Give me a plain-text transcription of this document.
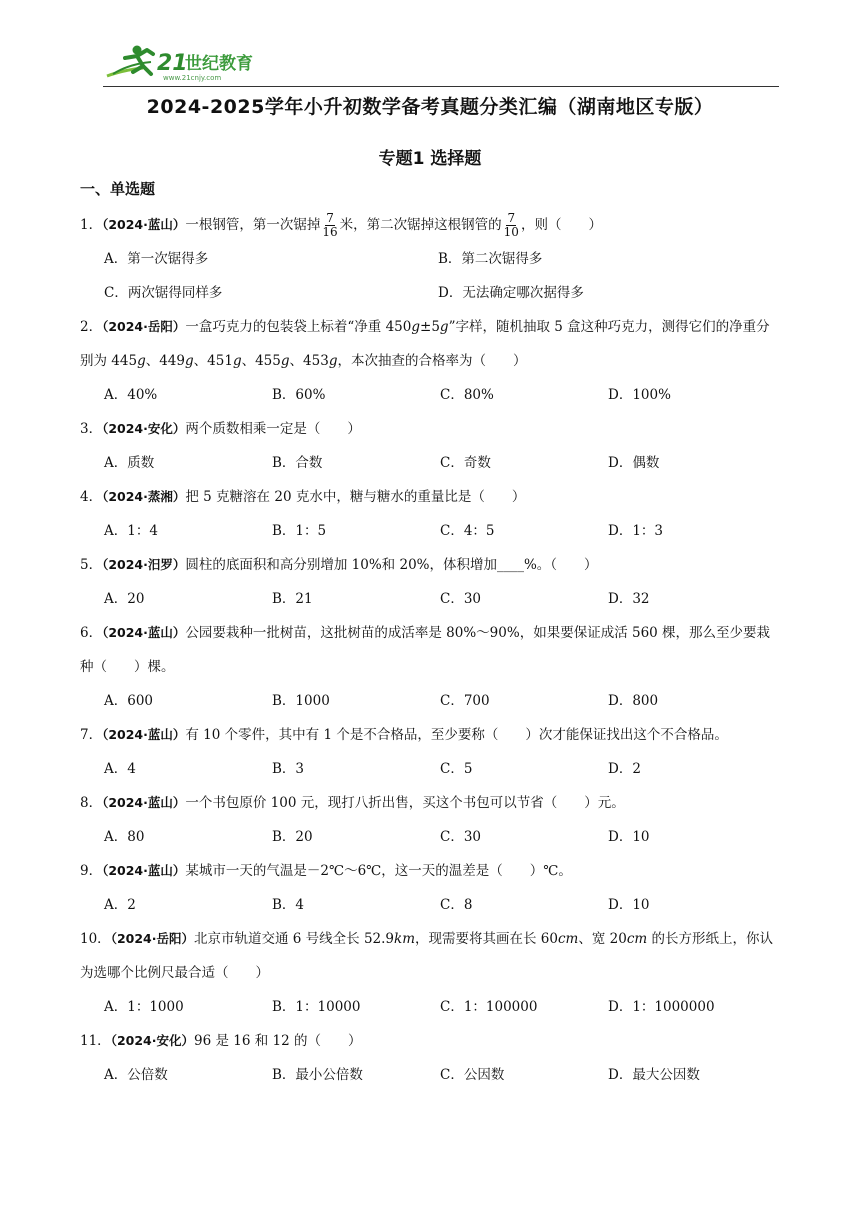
21
世纪教育
www.21cnjy.com
2024-2025学年小升初数学备考真题分类汇编（湖南地区专版）
专题1 选择题
一、单选题
1．（2024·蓝山）一根钢管，第一次锯掉 $\frac{7}{16}$ 米，第二次锯掉这根钢管的 $\frac{7}{10}$ ，则（　　）
A．第一次锯得多	B．第二次锯得多
C．两次锯得同样多	D．无法确定哪次据得多
2．（2024·岳阳）一盒巧克力的包装袋上标着“净重 450g±5g”字样，随机抽取 5 盒这种巧克力，测得它们的净重分别为 445g、449g、451g、455g、453g，本次抽查的合格率为（　　）
A．40%	B．60%	C．80%	D．100%
3．（2024·安化）两个质数相乘一定是（　　）
A．质数	B．合数	C．奇数	D．偶数
4．（2024·蒸湘）把 5 克糖溶在 20 克水中，糖与糖水的重量比是（　　）
A．1：4	B．1：5	C．4：5	D．1：3
5．（2024·汨罗）圆柱的底面积和高分别增加 10%和 20%，体积增加____%。（　　）
A．20	B．21	C．30	D．32
6．（2024·蓝山）公园要栽种一批树苗，这批树苗的成活率是 80%～90%，如果要保证成活 560 棵，那么至少要栽种（　　）棵。
A．600	B．1000	C．700	D．800
7．（2024·蓝山）有 10 个零件，其中有 1 个是不合格品，至少要称（　　）次才能保证找出这个不合格品。
A．4	B．3	C．5	D．2
8．（2024·蓝山）一个书包原价 100 元，现打八折出售，买这个书包可以节省（　　）元。
A．80	B．20	C．30	D．10
9．（2024·蓝山）某城市一天的气温是－2℃～6℃，这一天的温差是（　　）℃。
A．2	B．4	C．8	D．10
10．（2024·岳阳）北京市轨道交通 6 号线全长 52.9km，现需要将其画在长 60cm、宽 20cm 的长方形纸上，你认为选哪个比例尺最合适（　　）
A．1：1000	B．1：10000	C．1：100000	D．1：1000000
11．（2024·安化）96 是 16 和 12 的（　　）
A．公倍数	B．最小公倍数	C．公因数	D．最大公因数
